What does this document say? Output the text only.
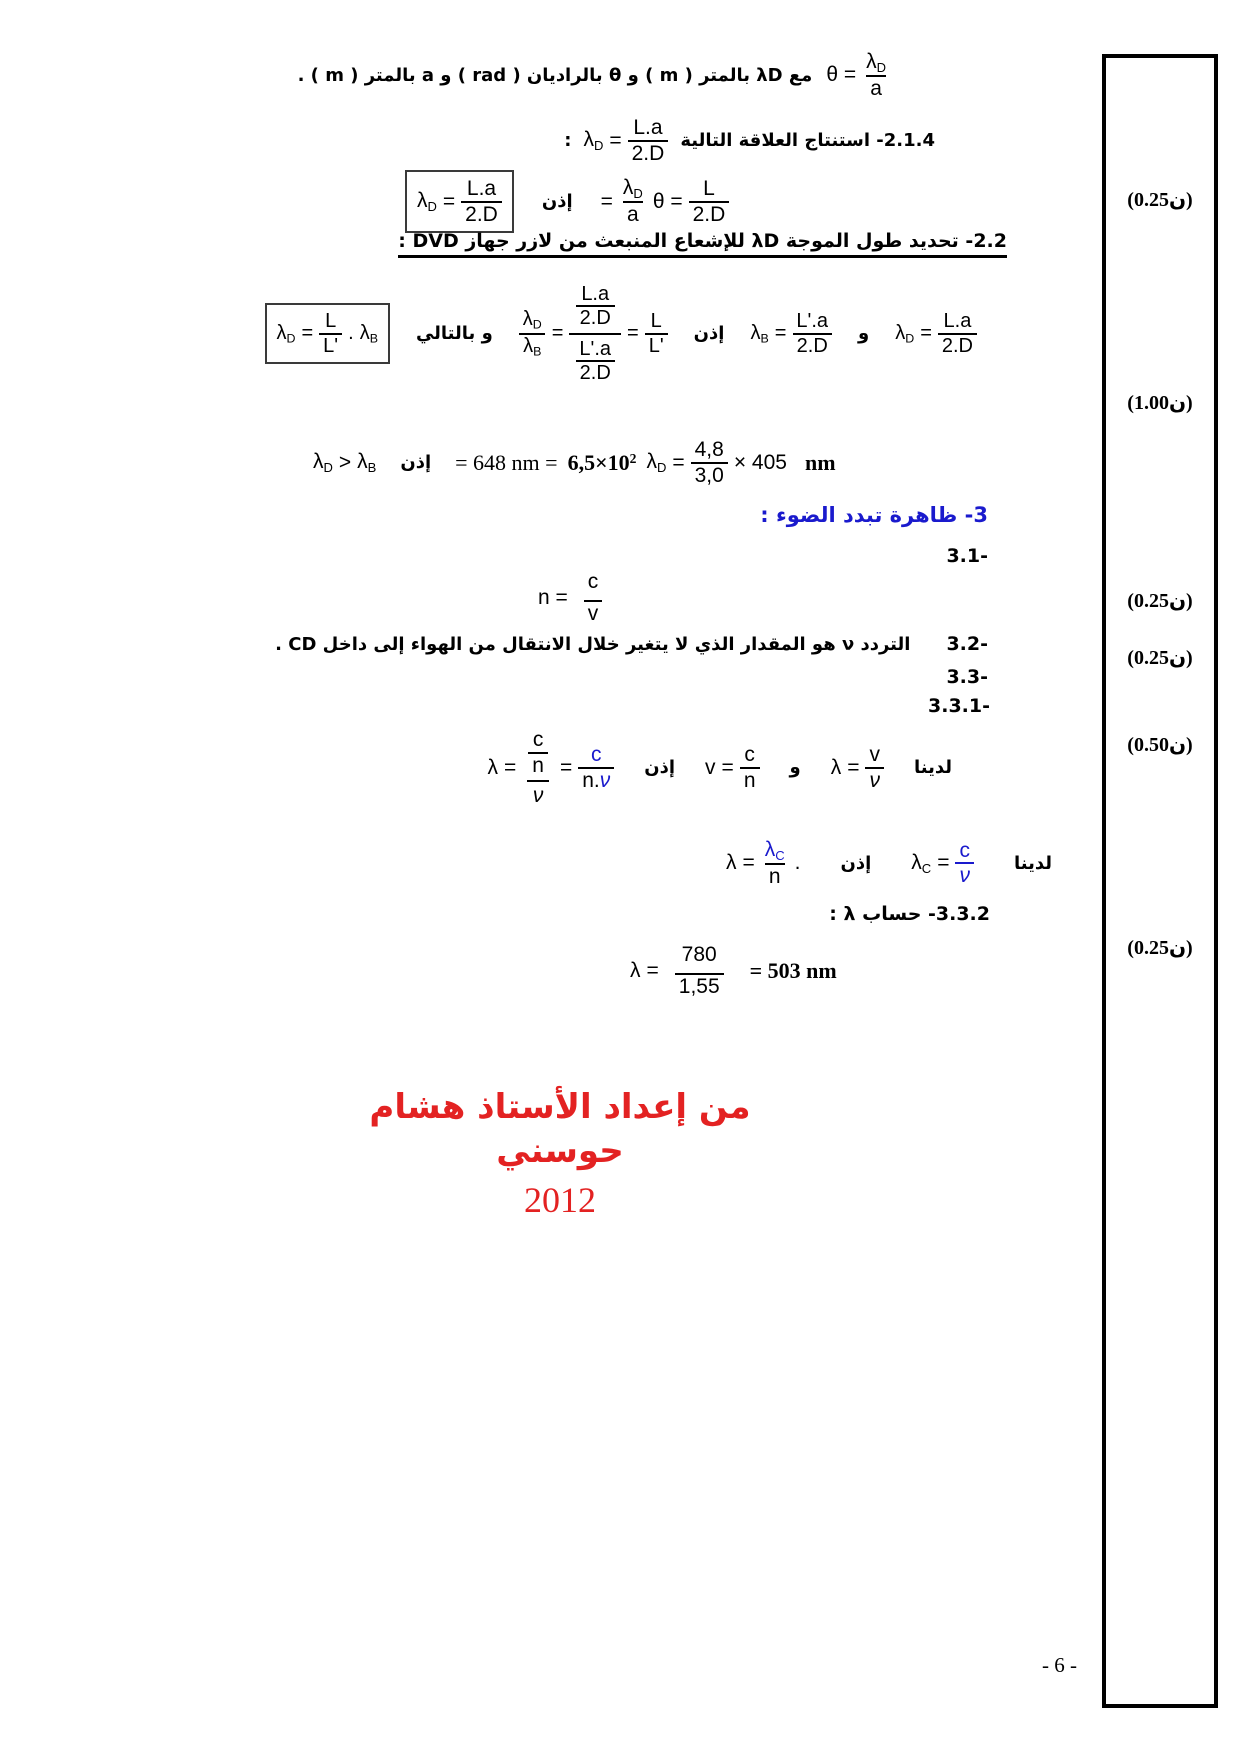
$\theta = \frac{\lambda_D}{a}$
مع λD بالمتر ( m ) و θ بالراديان ( rad ) و a بالمتر ( m ) .
2.1.4- استنتاج العلاقة التالية
$\lambda_D = \frac{L.a}{2.D}$
:
$\lambda_D = \frac{L.a}{2.D}$ إذن = $\frac{\lambda_D}{a}$ $\theta = \frac{L}{2.D}$
2.2- تحديد طول الموجة λD للإشعاع المنبعث من لازر جهاز DVD :
$\lambda_D = \frac{L.a}{2.D}$
و
$\lambda_B = \frac{L'.a}{2.D}$
إذن
$\frac{\lambda_D}{\lambda_B} = \frac{\frac{L.a}{2.D}}{\frac{L'.a}{2.D}} = \frac{L}{L'}$
و بالتالي
$\lambda_D = \frac{L}{L'}$ . $\lambda_B$
$\lambda_D > \lambda_B$ إذن = 648 nm = $6,5\times 10^2$ $\lambda_D = \frac{4,8}{3,0} \times 405$ nm
3- ظاهرة تبدد الضوء :
3.1-
$n = \frac{c}{v}$
3.2-
التردد ν هو المقدار الذي لا يتغير خلال الانتقال من الهواء إلى داخل CD .
3.3-
3.3.1-
لدينا
$\lambda = \frac{v}{\nu}$
و
$v = \frac{c}{n}$
إذن
$\lambda = \frac{\frac{c}{n}}{\nu} = \frac{c}{n.\nu}$
لدينا
$\lambda_C = \frac{c}{\nu}$
إذن
$\lambda = \frac{\lambda_C}{n}$ .
3.3.2- حساب λ :
$\lambda = \frac{780}{1,55} = 503$ nm
من إعداد الأستاذ هشام حوسني
2012
- 6 -
(ن0.25)
(ن1.00)
(ن0.25)
(ن0.25)
(ن0.50)
(ن0.25)
